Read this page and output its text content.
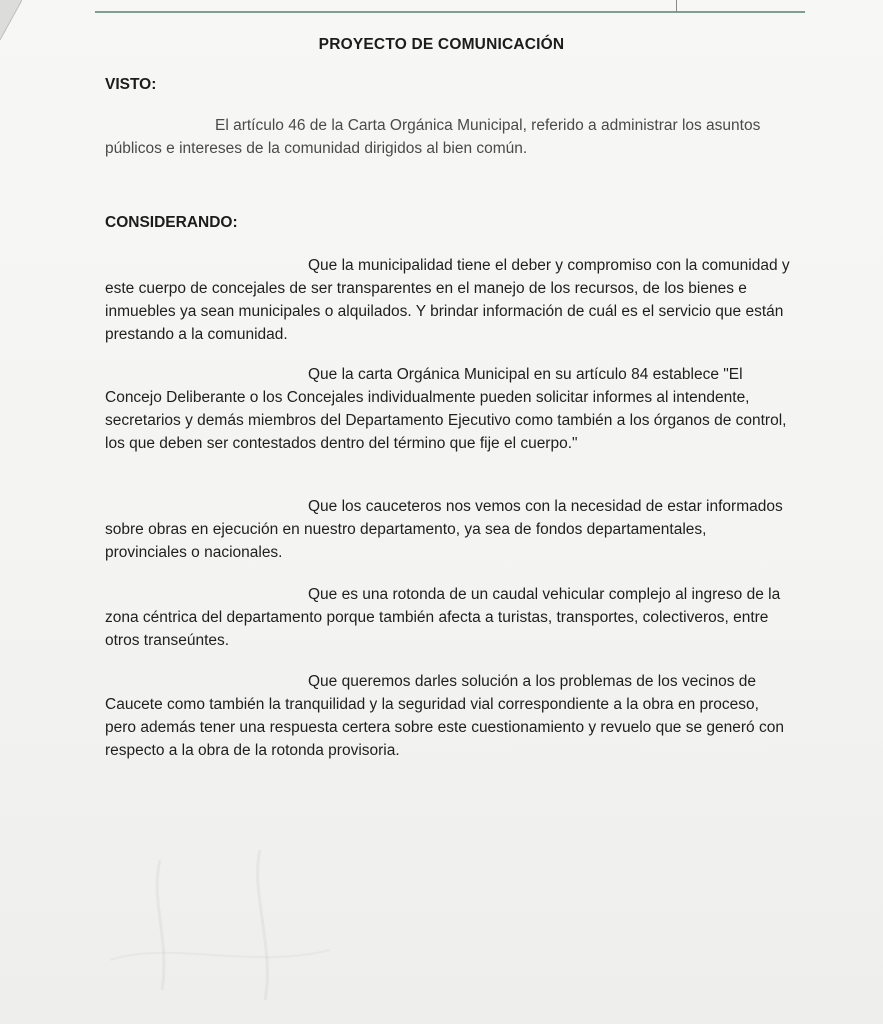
PROYECTO DE COMUNICACIÓN
VISTO:
El artículo 46 de la Carta Orgánica Municipal, referido a administrar los asuntos públicos e intereses de la comunidad dirigidos al bien común.
CONSIDERANDO:
Que la municipalidad tiene el deber y compromiso con la comunidad y este cuerpo de concejales de ser transparentes en el manejo de los recursos, de los bienes e inmuebles ya sean municipales o alquilados. Y brindar información de cuál es el servicio que están prestando a la comunidad.
Que la carta Orgánica Municipal en su artículo 84 establece "El Concejo Deliberante o los Concejales individualmente pueden solicitar informes al intendente, secretarios y demás miembros del Departamento Ejecutivo como también a los órganos de control, los que deben ser contestados dentro del término que fije el cuerpo."
Que los cauceteros nos vemos con la necesidad de estar informados sobre obras en ejecución en nuestro departamento, ya sea de fondos departamentales, provinciales o nacionales.
Que es una rotonda de un caudal vehicular complejo al ingreso de la zona céntrica del departamento porque también afecta a turistas, transportes, colectiveros, entre otros transeúntes.
Que queremos darles solución a los problemas de los vecinos de Caucete como también la tranquilidad y la seguridad vial correspondiente a la obra en proceso, pero además tener una respuesta certera sobre este cuestionamiento y revuelo que se generó con respecto a la obra de la rotonda provisoria.
